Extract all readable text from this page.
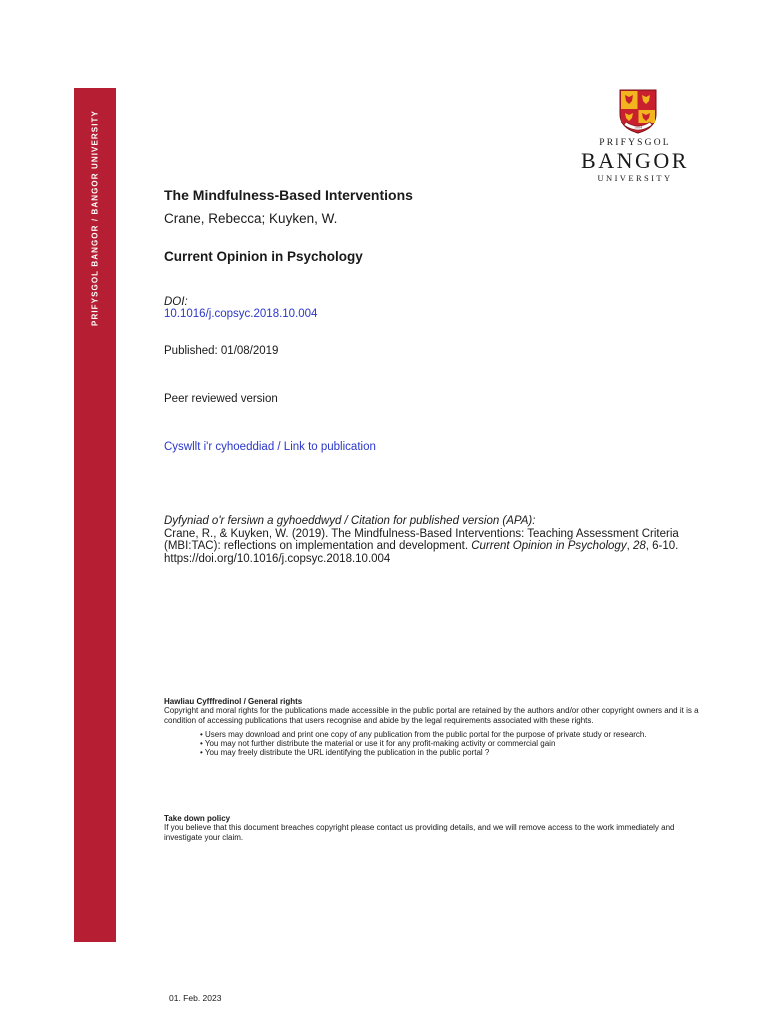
PRIFYSGOL BANGOR / BANGOR UNIVERSITY	1884
PRIFYSGOL
BANGOR
UNIVERSITY
The Mindfulness-Based Interventions
Crane, Rebecca; Kuyken, W.
Current Opinion in Psychology
DOI:
10.1016/j.copsyc.2018.10.004
Published: 01/08/2019
Peer reviewed version
Cyswllt i'r cyhoeddiad / Link to publication
Dyfyniad o'r fersiwn a gyhoeddwyd / Citation for published version (APA):
Crane, R., & Kuyken, W. (2019). The Mindfulness-Based Interventions: Teaching Assessment Criteria (MBI:TAC): reflections on implementation and development. Current Opinion in Psychology, 28, 6-10. https://doi.org/10.1016/j.copsyc.2018.10.004
Hawliau Cyfffredinol / General rights
Copyright and moral rights for the publications made accessible in the public portal are retained by the authors and/or other copyright owners and it is a condition of accessing publications that users recognise and abide by the legal requirements associated with these rights.
• Users may download and print one copy of any publication from the public portal for the purpose of private study or research.
• You may not further distribute the material or use it for any profit-making activity or commercial gain
• You may freely distribute the URL identifying the publication in the public portal ?
Take down policy
If you believe that this document breaches copyright please contact us providing details, and we will remove access to the work immediately and investigate your claim.
01. Feb. 2023
